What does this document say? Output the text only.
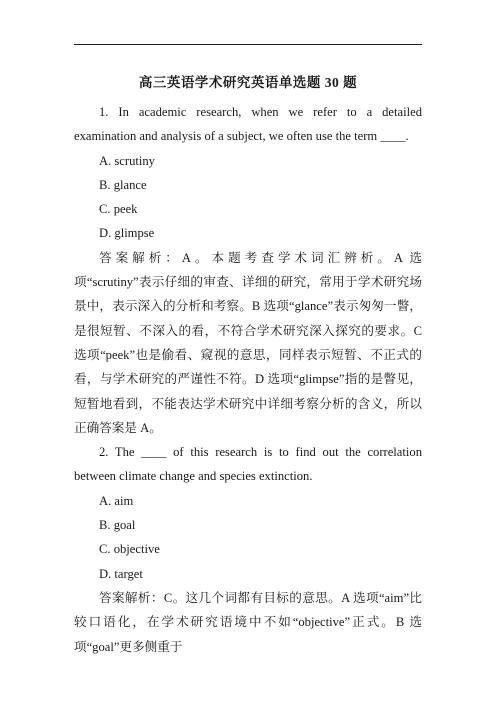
高三英语学术研究英语单选题 30 题

1. In academic research, when we refer to a detailed examination and analysis of a subject, we often use the term ____.

A. scrutiny

B. glance

C. peek

D. glimpse

答案解析：A。本题考查学术词汇辨析。A 选项“scrutiny”表示仔细的审查、详细的研究，常用于学术研究场景中，表示深入的分析和考察。B 选项“glance”表示匆匆一瞥，是很短暂、不深入的看，不符合学术研究深入探究的要求。C 选项“peek”也是偷看、窥视的意思，同样表示短暂、不正式的看，与学术研究的严谨性不符。D 选项“glimpse”指的是瞥见，短暂地看到，不能表达学术研究中详细考察分析的含义，所以正确答案是 A。

2. The ____ of this research is to find out the correlation between climate change and species extinction.

A. aim

B. goal

C. objective

D. target

答案解析：C。这几个词都有目标的意思。A 选项“aim”比较口语化，在学术研究语境中不如“objective”正式。B 选项“goal”更多侧重于
